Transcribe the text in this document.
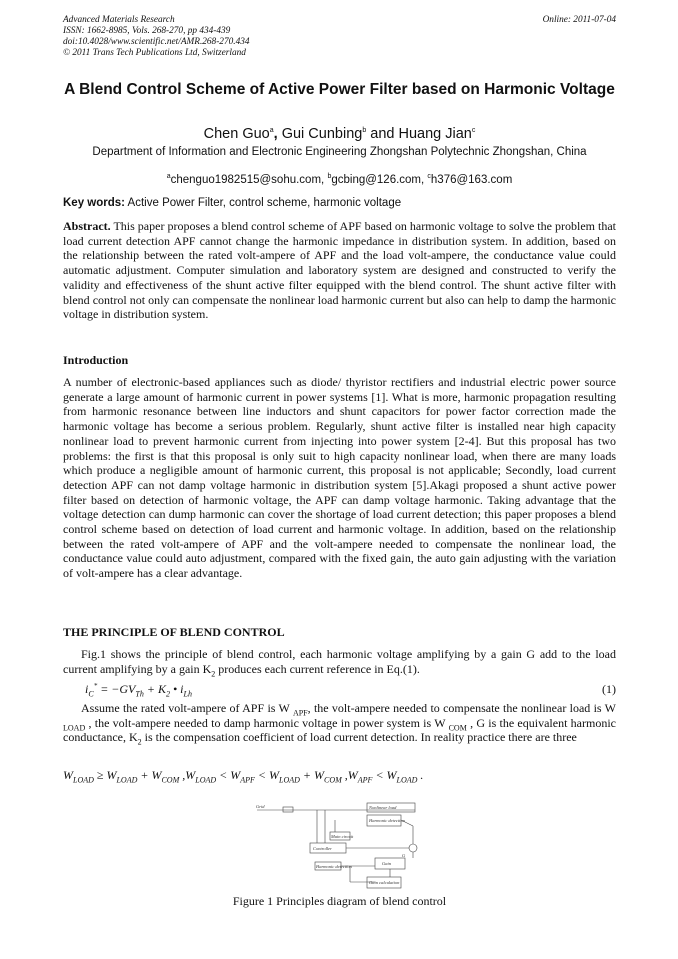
Advanced Materials Research
ISSN: 1662-8985, Vols. 268-270, pp 434-439
doi:10.4028/www.scientific.net/AMR.268-270.434
© 2011 Trans Tech Publications Ltd, Switzerland
Online: 2011-07-04
A Blend Control Scheme of Active Power Filter based on Harmonic Voltage
Chen Guo$^a$, Gui Cunbing$^b$ and Huang Jian$^c$
Department of Information and Electronic Engineering Zhongshan Polytechnic Zhongshan, China
$^a$chenguo1982515@sohu.com, $^b$gcbing@126.com, $^c$h376@163.com
Key words: Active Power Filter, control scheme, harmonic voltage
Abstract. This paper proposes a blend control scheme of APF based on harmonic voltage to solve the problem that load current detection APF cannot change the harmonic impedance in distribution system. In addition, based on the relationship between the rated volt-ampere of APF and the load volt-ampere, the conductance value could automatic adjustment. Computer simulation and laboratory system are designed and constructed to verify the validity and effectiveness of the shunt active filter equipped with the blend control. The shunt active filter with blend control not only can compensate the nonlinear load harmonic current but also can help to damp the harmonic voltage in distribution system.
Introduction
A number of electronic-based appliances such as diode/ thyristor rectifiers and industrial electric power source generate a large amount of harmonic current in power systems [1]. What is more, harmonic propagation resulting from harmonic resonance between line inductors and shunt capacitors for power factor correction made the harmonic voltage has become a serious problem. Regularly, shunt active filter is installed near high capacity nonlinear load to prevent harmonic current from injecting into power system [2-4]. But this proposal has two problems: the first is that this proposal is only suit to high capacity nonlinear load, when there are many loads which produce a negligible amount of harmonic current, this proposal is not applicable; Secondly, load current detection APF can not damp voltage harmonic in distribution system [5].Akagi proposed a shunt active power filter based on detection of harmonic voltage, the APF can damp voltage harmonic. Taking advantage that the voltage detection can dump harmonic can cover the shortage of load current detection; this paper proposes a blend control scheme based on detection of load current and harmonic voltage. In addition, based on the relationship between the rated volt-ampere of APF and the volt-ampere needed to compensate the nonlinear load, the conductance value could auto adjustment, compared with the fixed gain, the auto gain adjusting with the variation of volt-ampere has a clear advantage.
THE PRINCIPLE OF BLEND CONTROL
Fig.1 shows the principle of blend control, each harmonic voltage amplifying by a gain G add to the load current amplifying by a gain $K_2$ produces each current reference in Eq.(1).
$i_C^* = -GV_{Th} + K_2$ • $i_{Lh}$	(1)
Assume the rated volt-ampere of APF is W $_{APF}$, the volt-ampere needed to compensate the nonlinear load is W $_{LOAD}$ , the volt-ampere needed to damp harmonic voltage in power system is W $_{COM}$ , G is the equivalent harmonic conductance, $K_2$ is the compensation coefficient of load current detection. In reality practice there are three
$W_{LOAD} \ge W_{LOAD} + W_{COM}$ $,W_{LOAD} < W_{APF} < W_{LOAD} + W_{COM}$ $,W_{APF} < W_{LOAD}$ .
Grid	Nonlinear load
Harmonic detection
Controller
Main circuit
Harmonic detection
Gain
Gain calculation
G
Figure 1 Principles diagram of blend control
